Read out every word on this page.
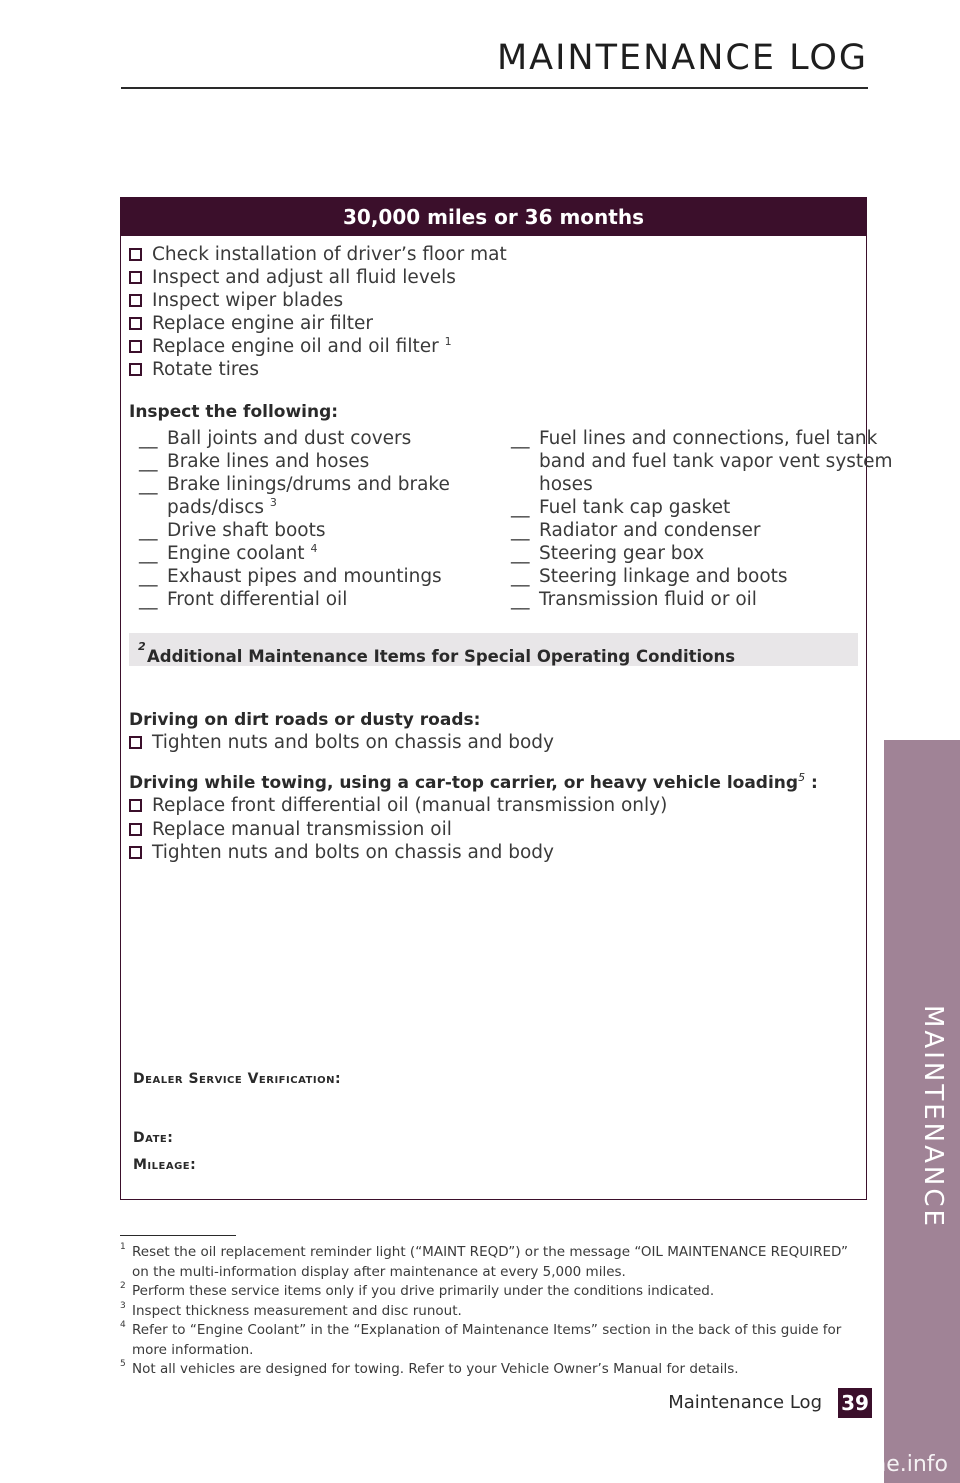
MAINTENANCE LOG
30,000 miles or 36 months
Check installation of driver’s floor mat
Inspect and adjust all fluid levels
Inspect wiper blades
Replace engine air filter
Replace engine oil and oil filter $^1$
Rotate tires
Inspect the following:
__ Ball joints and dust covers
__ Brake lines and hoses
__ Brake linings/drums and brake
pads/discs $^3$
__ Drive shaft boots
__ Engine coolant $^4$
__ Exhaust pipes and mountings
__ Front differential oil
__ Fuel lines and connections, fuel tank
band and fuel tank vapor vent system
hoses
__ Fuel tank cap gasket
__ Radiator and condenser
__ Steering gear box
__ Steering linkage and boots
__ Transmission fluid or oil
Additional Maintenance Items for Special Operating Conditions
$^2$
Driving on dirt roads or dusty roads:
Tighten nuts and bolts on chassis and body
Driving while towing, using a car-top carrier, or heavy vehicle loading$^5$ :
Replace front differential oil (manual transmission only)
Replace manual transmission oil
Tighten nuts and bolts on chassis and body
Dealer Service Verification:
Date:
Mileage:
1 Reset the oil replacement reminder light (“MAINT REQD”) or the message “OIL MAINTENANCE REQUIRED” on the multi-information display after maintenance at every 5,000 miles.
2 Perform these service items only if you drive primarily under the conditions indicated.
3 Inspect thickness measurement and disc runout.
4 Refer to “Engine Coolant” in the “Explanation of Maintenance Items” section in the back of this guide for more information.
5 Not all vehicles are designed for towing. Refer to your Vehicle Owner’s Manual for details.
MAINTENANCE
Maintenance Log 39
carmanualsonline.info
